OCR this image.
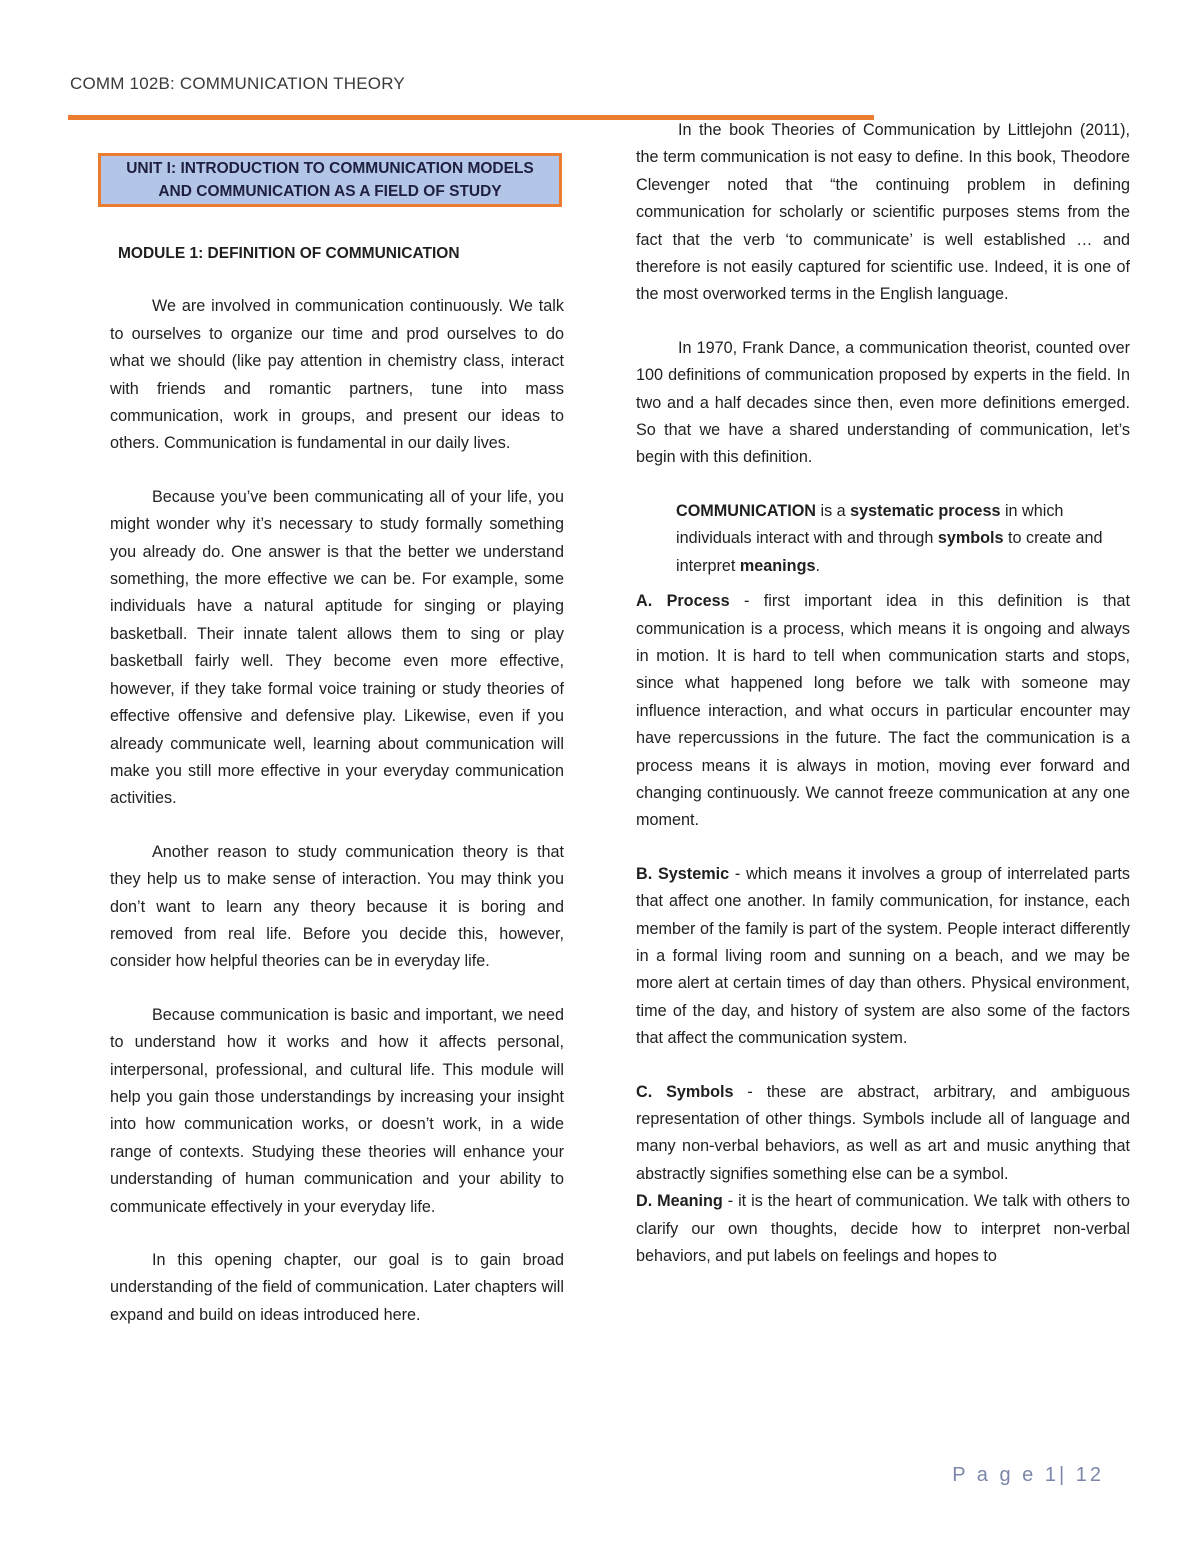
COMM 102B: COMMUNICATION THEORY
UNIT I: INTRODUCTION TO COMMUNICATION MODELS
AND COMMUNICATION AS A FIELD OF STUDY

MODULE 1: DEFINITION OF COMMUNICATION

We are involved in communication continuously. We talk to ourselves to organize our time and prod ourselves to do what we should (like pay attention in chemistry class, interact with friends and romantic partners, tune into mass communication, work in groups, and present our ideas to others. Communication is fundamental in our daily lives.

Because you’ve been communicating all of your life, you might wonder why it’s necessary to study formally something you already do. One answer is that the better we understand something, the more effective we can be. For example, some individuals have a natural aptitude for singing or playing basketball. Their innate talent allows them to sing or play basketball fairly well. They become even more effective, however, if they take formal voice training or study theories of effective offensive and defensive play. Likewise, even if you already communicate well, learning about communication will make you still more effective in your everyday communication activities.

Another reason to study communication theory is that they help us to make sense of interaction. You may think you don’t want to learn any theory because it is boring and removed from real life. Before you decide this, however, consider how helpful theories can be in everyday life.

Because communication is basic and important, we need to understand how it works and how it affects personal, interpersonal, professional, and cultural life. This module will help you gain those understandings by increasing your insight into how communication works, or doesn’t work, in a wide range of contexts. Studying these theories will enhance your understanding of human communication and your ability to communicate effectively in your everyday life.

In this opening chapter, our goal is to gain broad understanding of the field of communication. Later chapters will expand and build on ideas introduced here.

In the book Theories of Communication by Littlejohn (2011), the term communication is not easy to define. In this book, Theodore Clevenger noted that “the continuing problem in defining communication for scholarly or scientific purposes stems from the fact that the verb ‘to communicate’ is well established … and therefore is not easily captured for scientific use. Indeed, it is one of the most overworked terms in the English language.

In 1970, Frank Dance, a communication theorist, counted over 100 definitions of communication proposed by experts in the field. In two and a half decades since then, even more definitions emerged. So that we have a shared understanding of communication, let’s begin with this definition.

COMMUNICATION is a systematic process in which individuals interact with and through symbols to create and interpret meanings.

A. Process - first important idea in this definition is that communication is a process, which means it is ongoing and always in motion. It is hard to tell when communication starts and stops, since what happened long before we talk with someone may influence interaction, and what occurs in particular encounter may have repercussions in the future. The fact the communication is a process means it is always in motion, moving ever forward and changing continuously. We cannot freeze communication at any one moment.

B. Systemic - which means it involves a group of interrelated parts that affect one another. In family communication, for instance, each member of the family is part of the system. People interact differently in a formal living room and sunning on a beach, and we may be more alert at certain times of day than others. Physical environment, time of the day, and history of system are also some of the factors that affect the communication system.

C. Symbols - these are abstract, arbitrary, and ambiguous representation of other things. Symbols include all of language and many non-verbal behaviors, as well as art and music anything that abstractly signifies something else can be a symbol.

D. Meaning - it is the heart of communication. We talk with others to clarify our own thoughts, decide how to interpret non-verbal behaviors, and put labels on feelings and hopes to

P a g e 1| 12
